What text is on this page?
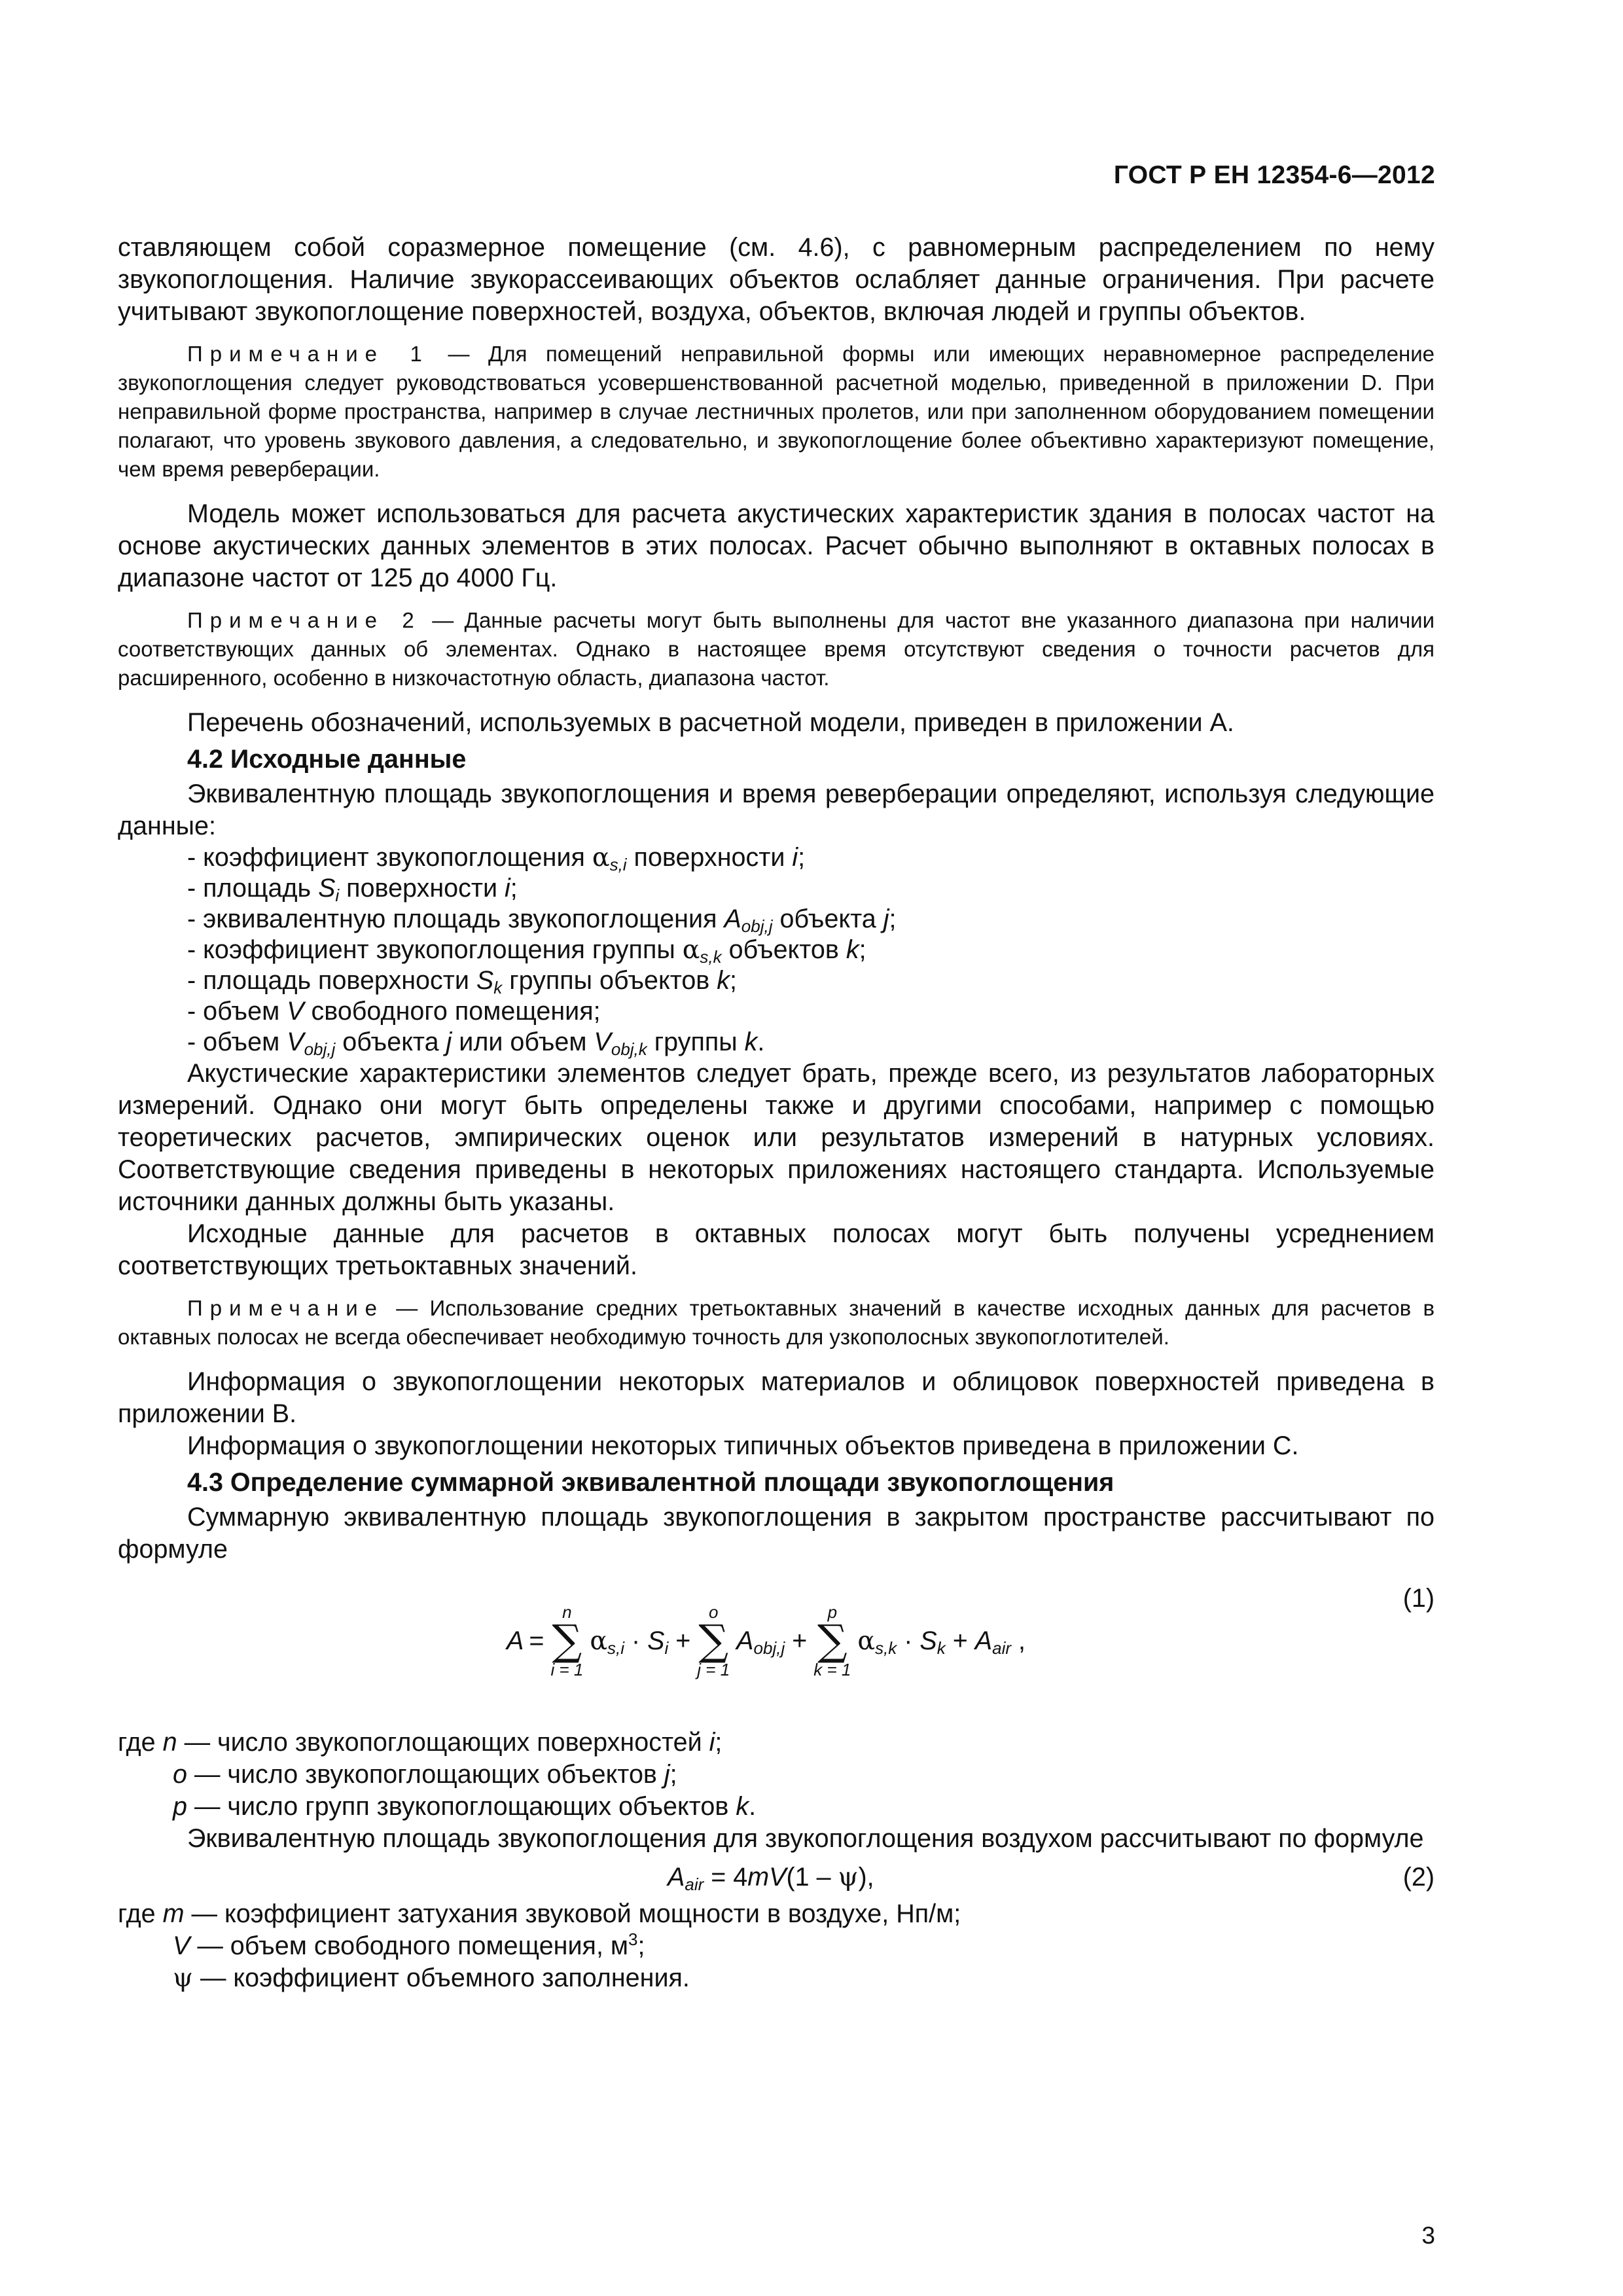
ГОСТ Р ЕН 12354-6—2012

ставляющем собой соразмерное помещение (см. 4.6), с равномерным распределением по нему звукопоглощения. Наличие звукорассеивающих объектов ослабляет данные ограничения. При расчете учитывают звукопоглощение поверхностей, воздуха, объектов, включая людей и группы объектов.

Примечание 1 — Для помещений неправильной формы или имеющих неравномерное распределение звукопоглощения следует руководствоваться усовершенствованной расчетной моделью, приведенной в приложении D. При неправильной форме пространства, например в случае лестничных пролетов, или при заполненном оборудованием помещении полагают, что уровень звукового давления, а следовательно, и звукопоглощение более объективно характеризуют помещение, чем время реверберации.

Модель может использоваться для расчета акустических характеристик здания в полосах частот на основе акустических данных элементов в этих полосах. Расчет обычно выполняют в октавных полосах в диапазоне частот от 125 до 4000 Гц.

Примечание 2 — Данные расчеты могут быть выполнены для частот вне указанного диапазона при наличии соответствующих данных об элементах. Однако в настоящее время отсутствуют сведения о точности расчетов для расширенного, особенно в низкочастотную область, диапазона частот.

Перечень обозначений, используемых в расчетной модели, приведен в приложении А.

4.2 Исходные данные

Эквивалентную площадь звукопоглощения и время реверберации определяют, используя следующие данные:

- коэффициент звукопоглощения $\alpha_{s,i}$ поверхности i;
- площадь $S_i$ поверхности i;
- эквивалентную площадь звукопоглощения $A_{obj,j}$ объекта j;
- коэффициент звукопоглощения группы $\alpha_{s,k}$ объектов k;
- площадь поверхности $S_k$ группы объектов k;
- объем V свободного помещения;
- объем $V_{obj,j}$ объекта j или объем $V_{obj,k}$ группы k.

Акустические характеристики элементов следует брать, прежде всего, из результатов лабораторных измерений. Однако они могут быть определены также и другими способами, например с помощью теоретических расчетов, эмпирических оценок или результатов измерений в натурных условиях. Соответствующие сведения приведены в некоторых приложениях настоящего стандарта. Используемые источники данных должны быть указаны.

Исходные данные для расчетов в октавных полосах могут быть получены усреднением соответствующих третьоктавных значений.

Примечание — Использование средних третьоктавных значений в качестве исходных данных для расчетов в октавных полосах не всегда обеспечивает необходимую точность для узкополосных звукопоглотителей.

Информация о звукопоглощении некоторых материалов и облицовок поверхностей приведена в приложении В.

Информация о звукопоглощении некоторых типичных объектов приведена в приложении С.

4.3 Определение суммарной эквивалентной площади звукопоглощения

Суммарную эквивалентную площадь звукопоглощения в закрытом пространстве рассчитывают по формуле

A =
n
∑
i = 1
$\alpha_{s,i} \cdot S_i$ +
o
∑
j = 1
$A_{obj,j}$ +
p
∑
k = 1
$\alpha_{s,k} \cdot S_k + A_{air}$ ,
(1)

где n — число звукопоглощающих поверхностей i;

o — число звукопоглощающих объектов j;

p — число групп звукопоглощающих объектов k.

Эквивалентную площадь звукопоглощения для звукопоглощения воздухом рассчитывают по формуле

$A_{air} = 4mV(1 - \psi)$,	(2)

где m — коэффициент затухания звуковой мощности в воздухе, Нп/м;

V — объем свободного помещения, $м^3$;

ψ — коэффициент объемного заполнения.

3
